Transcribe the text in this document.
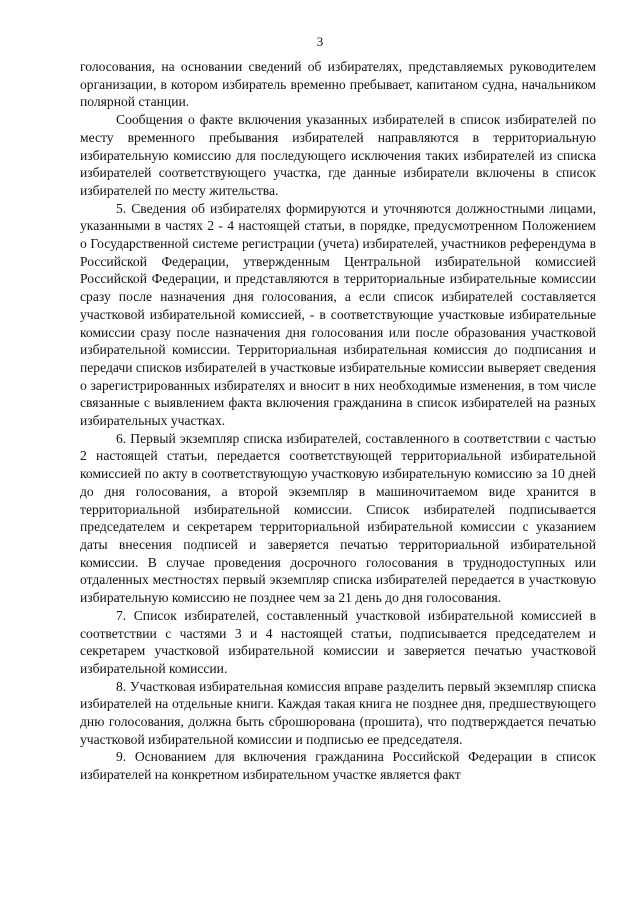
3

голосования, на основании сведений об избирателях, представляемых руководителем организации, в котором избиратель временно пребывает, капитаном судна, начальником полярной станции.

Сообщения о факте включения указанных избирателей в список избирателей по месту временного пребывания избирателей направляются в территориальную избирательную комиссию для последующего исключения таких избирателей из списка избирателей соответствующего участка, где данные избиратели включены в список избирателей по месту жительства.

5. Сведения об избирателях формируются и уточняются должностными лицами, указанными в частях 2 - 4 настоящей статьи, в порядке, предусмотренном Положением о Государственной системе регистрации (учета) избирателей, участников референдума в Российской Федерации, утвержденным Центральной избирательной комиссией Российской Федерации, и представляются в территориальные избирательные комиссии сразу после назначения дня голосования, а если список избирателей составляется участковой избирательной комиссией, - в соответствующие участковые избирательные комиссии сразу после назначения дня голосования или после образования участковой избирательной комиссии. Территориальная избирательная комиссия до подписания и передачи списков избирателей в участковые избирательные комиссии выверяет сведения о зарегистрированных избирателях и вносит в них необходимые изменения, в том числе связанные с выявлением факта включения гражданина в список избирателей на разных избирательных участках.

6. Первый экземпляр списка избирателей, составленного в соответствии с частью 2 настоящей статьи, передается соответствующей территориальной избирательной комиссией по акту в соответствующую участковую избирательную комиссию за 10 дней до дня голосования, а второй экземпляр в машиночитаемом виде хранится в территориальной избирательной комиссии. Список избирателей подписывается председателем и секретарем территориальной избирательной комиссии с указанием даты внесения подписей и заверяется печатью территориальной избирательной комиссии. В случае проведения досрочного голосования в труднодоступных или отдаленных местностях первый экземпляр списка избирателей передается в участковую избирательную комиссию не позднее чем за 21 день до дня голосования.

7. Список избирателей, составленный участковой избирательной комиссией в соответствии с частями 3 и 4 настоящей статьи, подписывается председателем и секретарем участковой избирательной комиссии и заверяется печатью участковой избирательной комиссии.

8. Участковая избирательная комиссия вправе разделить первый экземпляр списка избирателей на отдельные книги. Каждая такая книга не позднее дня, предшествующего дню голосования, должна быть сброшюрована (прошита), что подтверждается печатью участковой избирательной комиссии и подписью ее председателя.

9. Основанием для включения гражданина Российской Федерации в список избирателей на конкретном избирательном участке является факт
